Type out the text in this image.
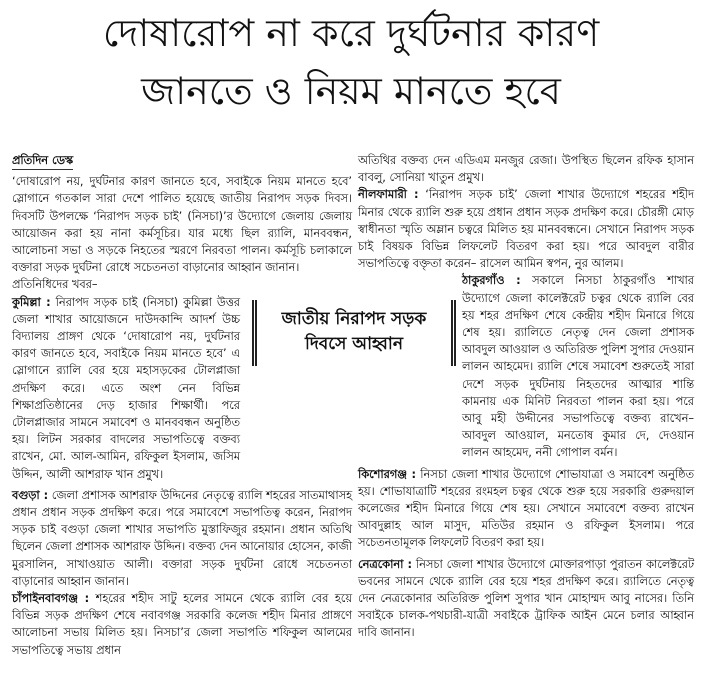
দোষারোপ না করে দুর্ঘটনার কারণ
জানতে ও নিয়ম মানতে হবে
প্রতিদিন ডেস্ক

‘দোষারোপ নয়, দুর্ঘটনার কারণ জানতে হবে, সবাইকে নিয়ম মানতে হবে’ স্লোগানে গতকাল সারা দেশে পালিত হয়েছে জাতীয় নিরাপদ সড়ক দিবস। দিবসটি উপলক্ষে ‘নিরাপদ সড়ক চাই’ (নিসচা)’র উদ্যোগে জেলায় জেলায় আয়োজন করা হয় নানা কর্মসূচির। যার মধ্যে ছিল র‌্যালি, মানববন্ধন, আলোচনা সভা ও সড়কে নিহতের স্মরণে নিরবতা পালন। কর্মসূচি চলাকালে বক্তারা সড়ক দুর্ঘটনা রোধে সচেতনতা বাড়ানোর আহ্বান জানান।

প্রতিনিধিদের খবর–

কুমিল্লা : নিরাপদ সড়ক চাই (নিসচা) কুমিল্লা উত্তর জেলা শাখার আয়োজনে দাউদকান্দি আদর্শ উচ্চ বিদ্যালয় প্রাঙ্গণ থেকে ‘দোষারোপ নয়, দুর্ঘটনার কারণ জানতে হবে, সবাইকে নিয়ম মানতে হবে’ এ স্লোগানে র‌্যালি বের হয়ে মহাসড়কের টোলপ্লাজা প্রদক্ষিণ করে। এতে অংশ নেন বিভিন্ন শিক্ষাপ্রতিষ্ঠানের দেড় হাজার শিক্ষার্থী। পরে টোলপ্লাজার সামনে সমাবেশ ও মানববন্ধন অনুষ্ঠিত হয়। লিটন সরকার বাদলের সভাপতিত্বে বক্তব্য রাখেন, মো. আল-আমিন, রফিকুল ইসলাম, জসিম উদ্দিন, আলী আশরাফ খান প্রমুখ।

বগুড়া : জেলা প্রশাসক আশরাফ উদ্দিনের নেতৃত্বে র‌্যালি শহরের সাতমাথাসহ প্রধান প্রধান সড়ক প্রদক্ষিণ করে। পরে সমাবেশে সভাপতিত্ব করেন, নিরাপদ সড়ক চাই বগুড়া জেলা শাখার সভাপতি মুস্তাফিজুর রহমান। প্রধান অতিথি ছিলেন জেলা প্রশাসক আশরাফ উদ্দিন। বক্তব্য দেন আনোয়ার হোসেন, কাজী মুরসালিন, সাখাওয়াত আলী। বক্তারা সড়ক দুর্ঘটনা রোধে সচেতনতা বাড়ানোর আহ্বান জানান।

চাঁপাইনবাবগঞ্জ : শহরের শহীদ সাটু হলের সামনে থেকে র‌্যালি বের হয়ে বিভিন্ন সড়ক প্রদক্ষিণ শেষে নবাবগঞ্জ সরকারি কলেজ শহীদ মিনার প্রাঙ্গণে আলোচনা সভায় মিলিত হয়। নিসচা’র জেলা সভাপতি শফিকুল আলমের সভাপতিত্বে সভায় প্রধান

অতিথির বক্তব্য দেন এডিএম মনজুর রেজা। উপস্থিত ছিলেন রফিক হাসান বাবলু, সোনিয়া খাতুন প্রমুখ।

নীলফামারী : ‘নিরাপদ সড়ক চাই’ জেলা শাখার উদ্যোগে শহরের শহীদ মিনার থেকে র‌্যালি শুরু হয়ে প্রধান প্রধান সড়ক প্রদক্ষিণ করে। চৌরঙ্গী মোড় স্বাধীনতা স্মৃতি অম্লান চত্বরে মিলিত হয় মানববন্ধনে। সেখানে নিরাপদ সড়ক চাই বিষয়ক বিভিন্ন লিফলেট বিতরণ করা হয়। পরে আবদুল বারীর সভাপতিত্বে বক্তৃতা করেন– রাসেল আমিন স্বপন, নুর আলম।

ঠাকুরগাঁও : সকালে নিসচা ঠাকুরগাঁও শাখার উদ্যোগে জেলা কালেক্টরেট চত্বর থেকে র‌্যালি বের হয় শহর প্রদক্ষিণ শেষে কেন্দ্রীয় শহীদ মিনারে গিয়ে শেষ হয়। র‌্যালিতে নেতৃত্ব দেন জেলা প্রশাসক আবদুল আওয়াল ও অতিরিক্ত পুলিশ সুপার দেওয়ান লালন আহমেদ। র‌্যালি শেষে সমাবেশ শুরুতেই সারা দেশে সড়ক দুর্ঘটনায় নিহতদের আত্মার শান্তি কামনায় এক মিনিট নিরবতা পালন করা হয়। পরে আবু মহী উদ্দীনের সভাপতিত্বে বক্তব্য রাখেন– আবদুল আওয়াল, মনতোষ কুমার দে, দেওয়ান লালন আহমেদ, ননী গোপাল বর্মন।

কিশোরগঞ্জ : নিসচা জেলা শাখার উদ্যোগে শোভাযাত্রা ও সমাবেশ অনুষ্ঠিত হয়। শোভাযাত্রাটি শহরের রংমহল চত্বর থেকে শুরু হয়ে সরকারি গুরুদয়াল কলেজের শহীদ মিনারে গিয়ে শেষ হয়। সেখানে সমাবেশে বক্তব্য রাখেন আবদুল্লাহ আল মাসুদ, মতিউর রহমান ও রফিকুল ইসলাম। পরে সচেতনতামূলক লিফলেট বিতরণ করা হয়।

নেত্রকোনা : নিসচা জেলা শাখার উদ্যোগে মোক্তারপাড়া পুরাতন কালেক্টরেট ভবনের সামনে থেকে র‌্যালি বের হয়ে শহর প্রদক্ষিণ করে। র‌্যালিতে নেতৃত্ব দেন নেত্রকোনার অতিরিক্ত পুলিশ সুপার খান মোহাম্মদ আবু নাসের। তিনি সবাইকে চালক-পথচারী-যাত্রী সবাইকে ট্রাফিক আইন মেনে চলার আহ্বান দাবি জানান।

জাতীয় নিরাপদ সড়ক
দিবসে আহ্বান
